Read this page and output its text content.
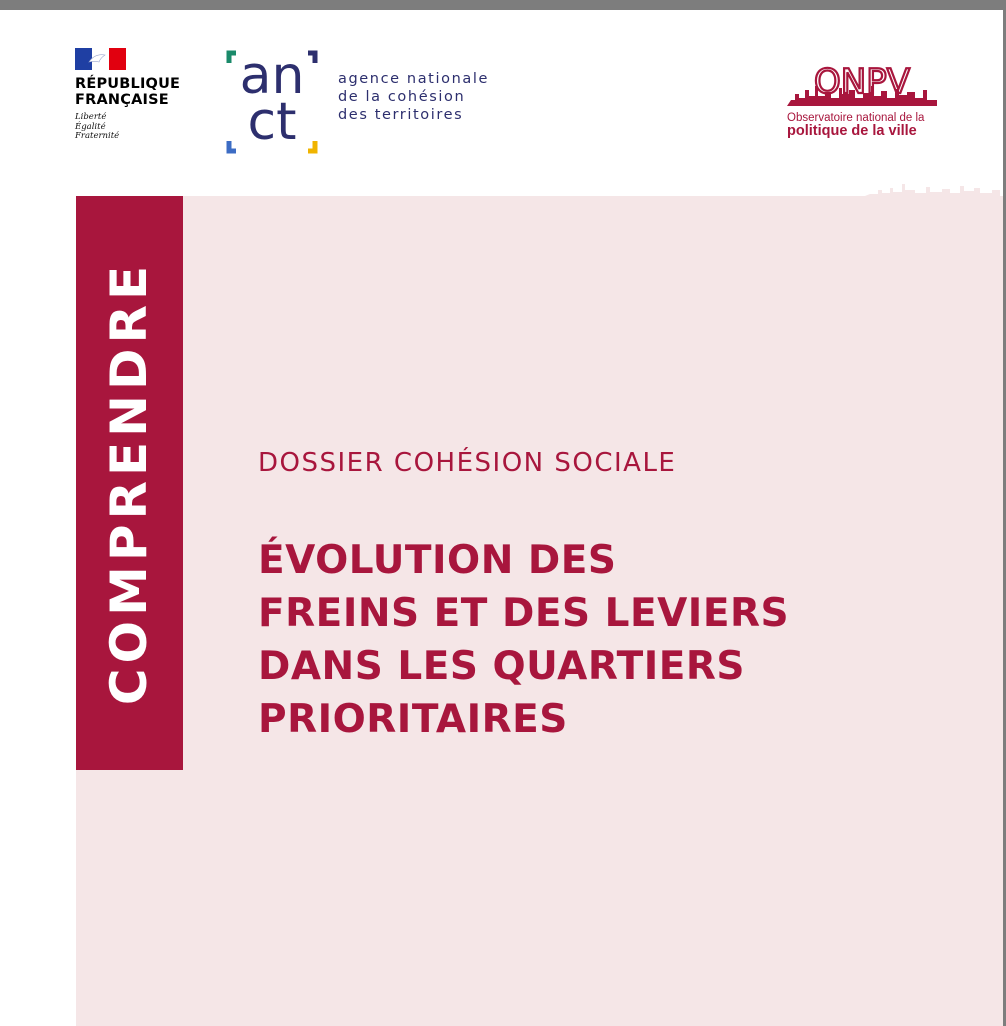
RÉPUBLIQUE
FRANÇAISE
Liberté
Égalité
Fraternité
an
ct
agence nationale
de la cohésion
des territoires
ONPV
Observatoire national de la
politique de la ville
COMPRENDRE	DOSSIER COHÉSION SOCIALE
ÉVOLUTION DES
FREINS ET DES LEVIERS
DANS LES QUARTIERS
PRIORITAIRES
